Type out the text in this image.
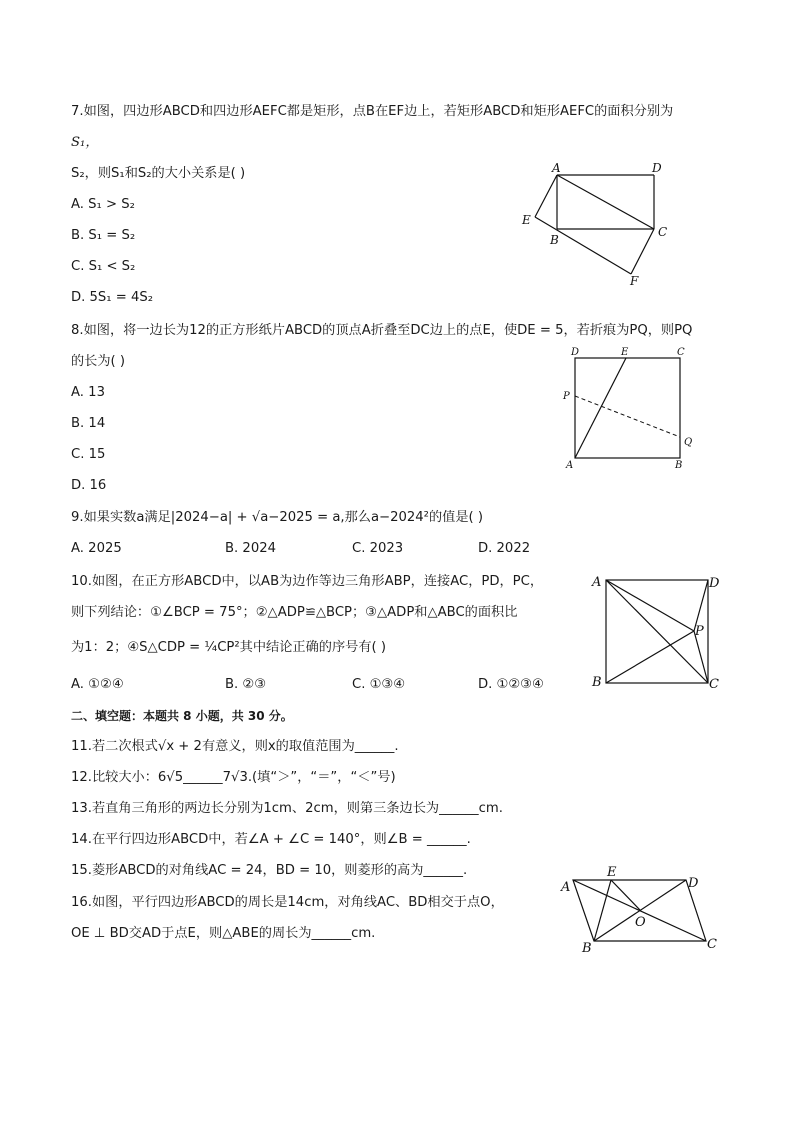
7.如图，四边形ABCD和四边形AEFC都是矩形，点B在EF边上，若矩形ABCD和矩形AEFC的面积分别为
S₁，
S₂，则S₁和S₂的大小关系是( )
A. S₁ > S₂
B. S₁ = S₂
C. S₁ < S₂
D. 5S₁ = 4S₂
A	D
E
B
C
F
8.如图，将一边长为12的正方形纸片ABCD的顶点A折叠至DC边上的点E，使DE = 5，若折痕为PQ，则PQ
的长为( )
A. 13
B. 14
C. 15
D. 16
D	E	C
P
Q
A	B
9.如果实数a满足|2024−a| + √a−2025 = a,那么a−2024²的值是( )
A. 2025	B. 2024	C. 2023	D. 2022
10.如图，在正方形ABCD中，以AB为边作等边三角形ABP，连接AC，PD，PC，
则下列结论：①∠BCP = 75°；②△ADP≌△BCP；③△ADP和△ABC的面积比
为1：2；④S△CDP = ¼CP²其中结论正确的序号有( )
A. ①②④	B. ②③	C. ①③④	D. ①②③④
A	D
P
B	C
二、填空题：本题共 8 小题，共 30 分。
11.若二次根式√x + 2有意义，则x的取值范围为______.
12.比较大小：6√5______7√3.(填“＞”，“＝”，“＜”号)
13.若直角三角形的两边长分别为1cm、2cm，则第三条边长为______cm.
14.在平行四边形ABCD中，若∠A + ∠C = 140°，则∠B = ______.
15.菱形ABCD的对角线AC = 24，BD = 10，则菱形的高为______.
16.如图，平行四边形ABCD的周长是14cm，对角线AC、BD相交于点O，
OE ⊥ BD交AD于点E，则△ABE的周长为______cm.
A
E
D
O
B	C
